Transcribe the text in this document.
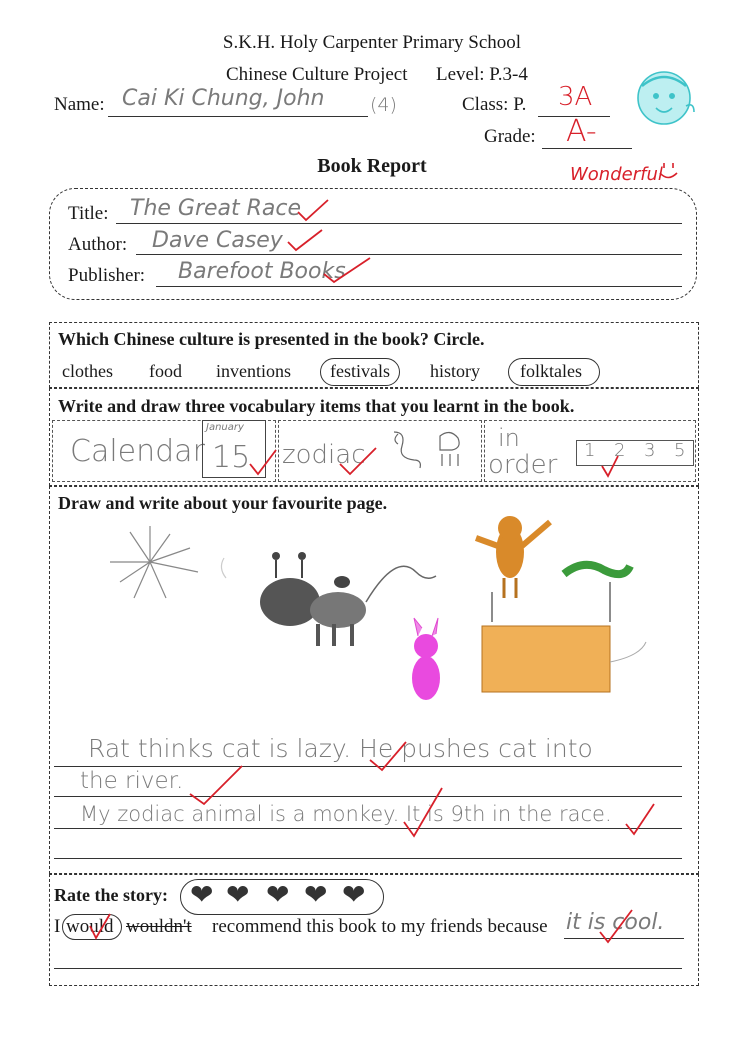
S.K.H. Holy Carpenter Primary School
Chinese Culture Project Level: P.3-4
Name: Cai Ki Chung, John (4)	Class: P. 3A
Grade: A-
Book Report	Wonderful
Title: The Great Race
Author: Dave Casey
Publisher: Barefoot Books
Which Chinese culture is presented in the book? Circle.
clothes food inventions festivals history folktales
Write and draw three vocabulary items that you learnt in the book.
Calendar
January
15 zodiac
in
order 1 2 3 5
Draw and write about your favourite page.
Rat thinks cat is lazy. He pushes cat into
the river.
My zodiac animal is a monkey. It is 9th in the race.
Rate the story: ❤ ❤ ❤ ❤ ❤
I would wouldn't recommend this book to my friends because it is cool.
